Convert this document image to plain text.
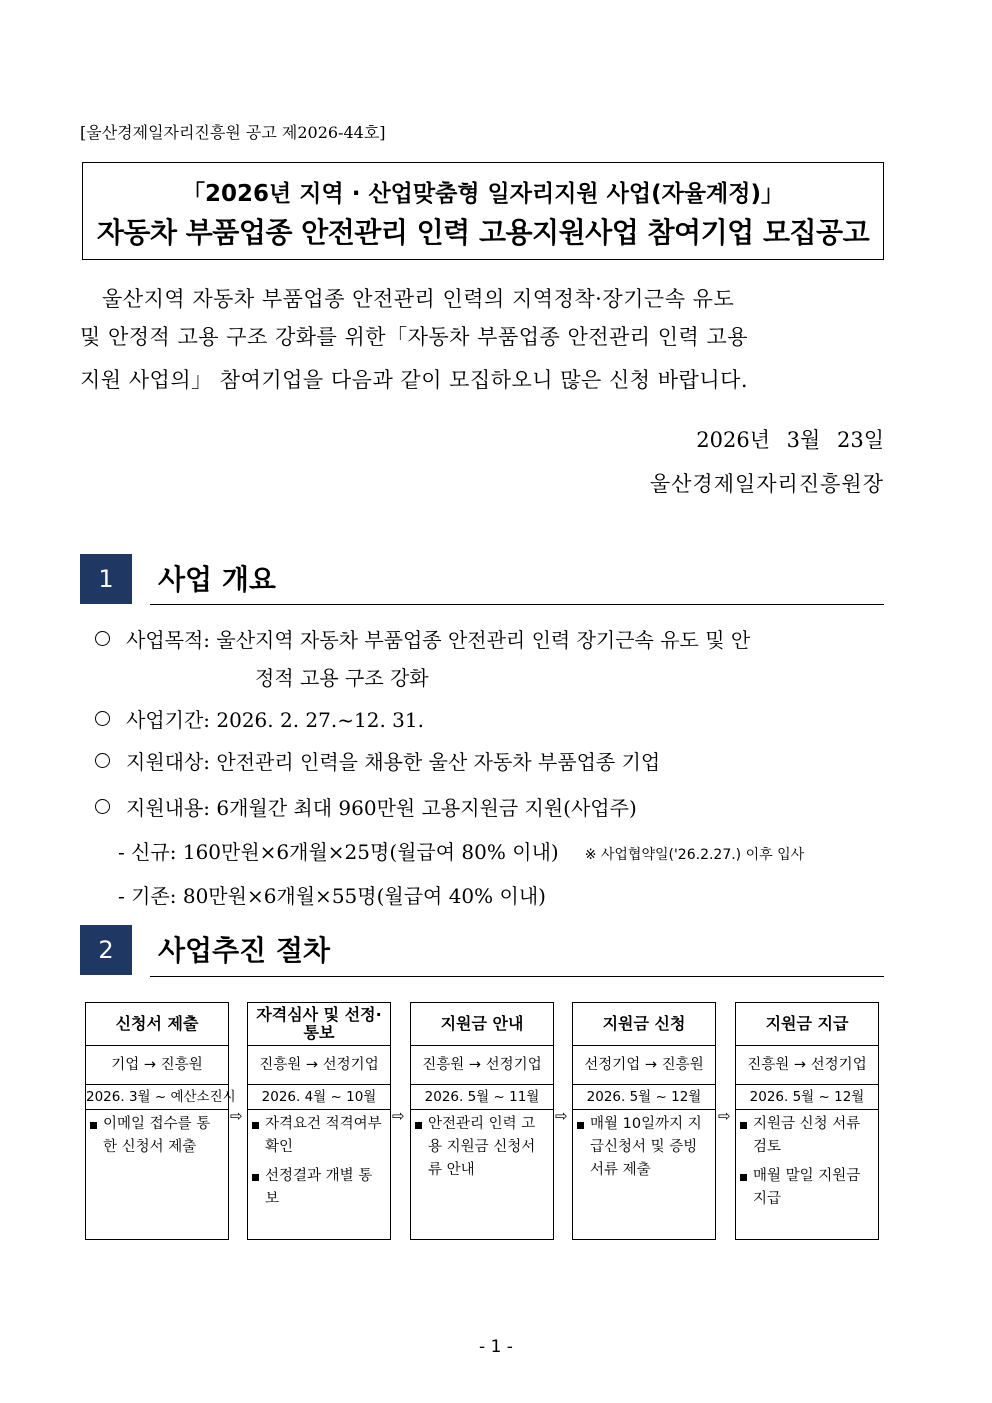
[울산경제일자리진흥원 공고 제2026-44호]
「2026년 지역 · 산업맞춤형 일자리지원 사업(자율계정)」
자동차 부품업종 안전관리 인력 고용지원사업 참여기업 모집공고
울산지역 자동차 부품업종 안전관리 인력의 지역정착·장기근속 유도
및 안정적 고용 구조 강화를 위한「자동차 부품업종 안전관리 인력 고용
지원 사업의」 참여기업을 다음과 같이 모집하오니 많은 신청 바랍니다.
2026년 3월 23일
울산경제일자리진흥원장
1	사업 개요
사업목적: 울산지역 자동차 부품업종 안전관리 인력 장기근속 유도 및 안
정적 고용 구조 강화
사업기간: 2026. 2. 27.~12. 31.
지원대상: 안전관리 인력을 채용한 울산 자동차 부품업종 기업
지원내용: 6개월간 최대 960만원 고용지원금 지원(사업주)
- 신규: 160만원×6개월×25명(월급여 80% 이내) ※ 사업협약일('26.2.27.) 이후 입사
- 기존: 80만원×6개월×55명(월급여 40% 이내)
2	사업추진 절차
신청서 제출
기업 → 진흥원
2026. 3월 ~ 예산소진시
이메일 접수를 통한 신청서 제출
자격심사 및 선정·통보
진흥원 → 선정기업
2026. 4월 ~ 10월
자격요건 적격여부 확인
선정결과 개별 통보
지원금 안내
진흥원 → 선정기업
2026. 5월 ~ 11월
안전관리 인력 고용 지원금 신청서류 안내
지원금 신청
선정기업 → 진흥원
2026. 5월 ~ 12월
매월 10일까지 지급신청서 및 증빙 서류 제출
지원금 지급
진흥원 → 선정기업
2026. 5월 ~ 12월
지원금 신청 서류 검토
매월 말일 지원금 지급
⇨	⇨	⇨	⇨
- 1 -
